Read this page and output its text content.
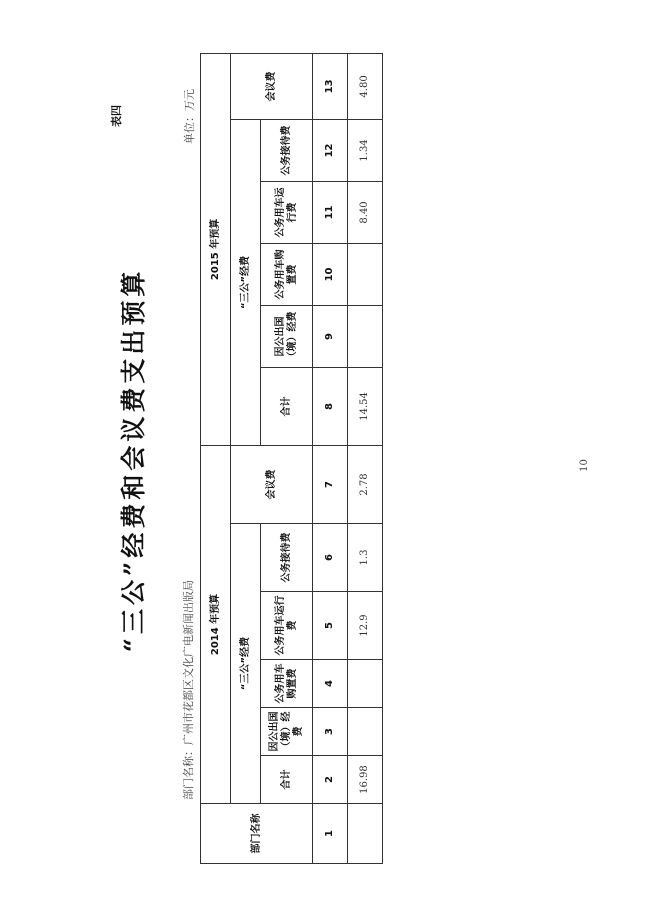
“三公”经费和会议费支出预算
表四
部门名称：广州市花都区文化广电新闻出版局
单位：万元
部门名称	2014 年预算						2015 年预算					
	“三公”经费					会议费	“三公”经费					会议费
	合计	因公出国（境）经费	公务用车购置费	公务用车运行费	公务接待费		合计	因公出国（境）经费	公务用车购置费	公务用车运行费	公务接待费	
1	2	3	4	5	6	7	8	9	10	11	12	13
	16.98			12.9	1.3	2.78	14.54			8.40	1.34	4.80
10
